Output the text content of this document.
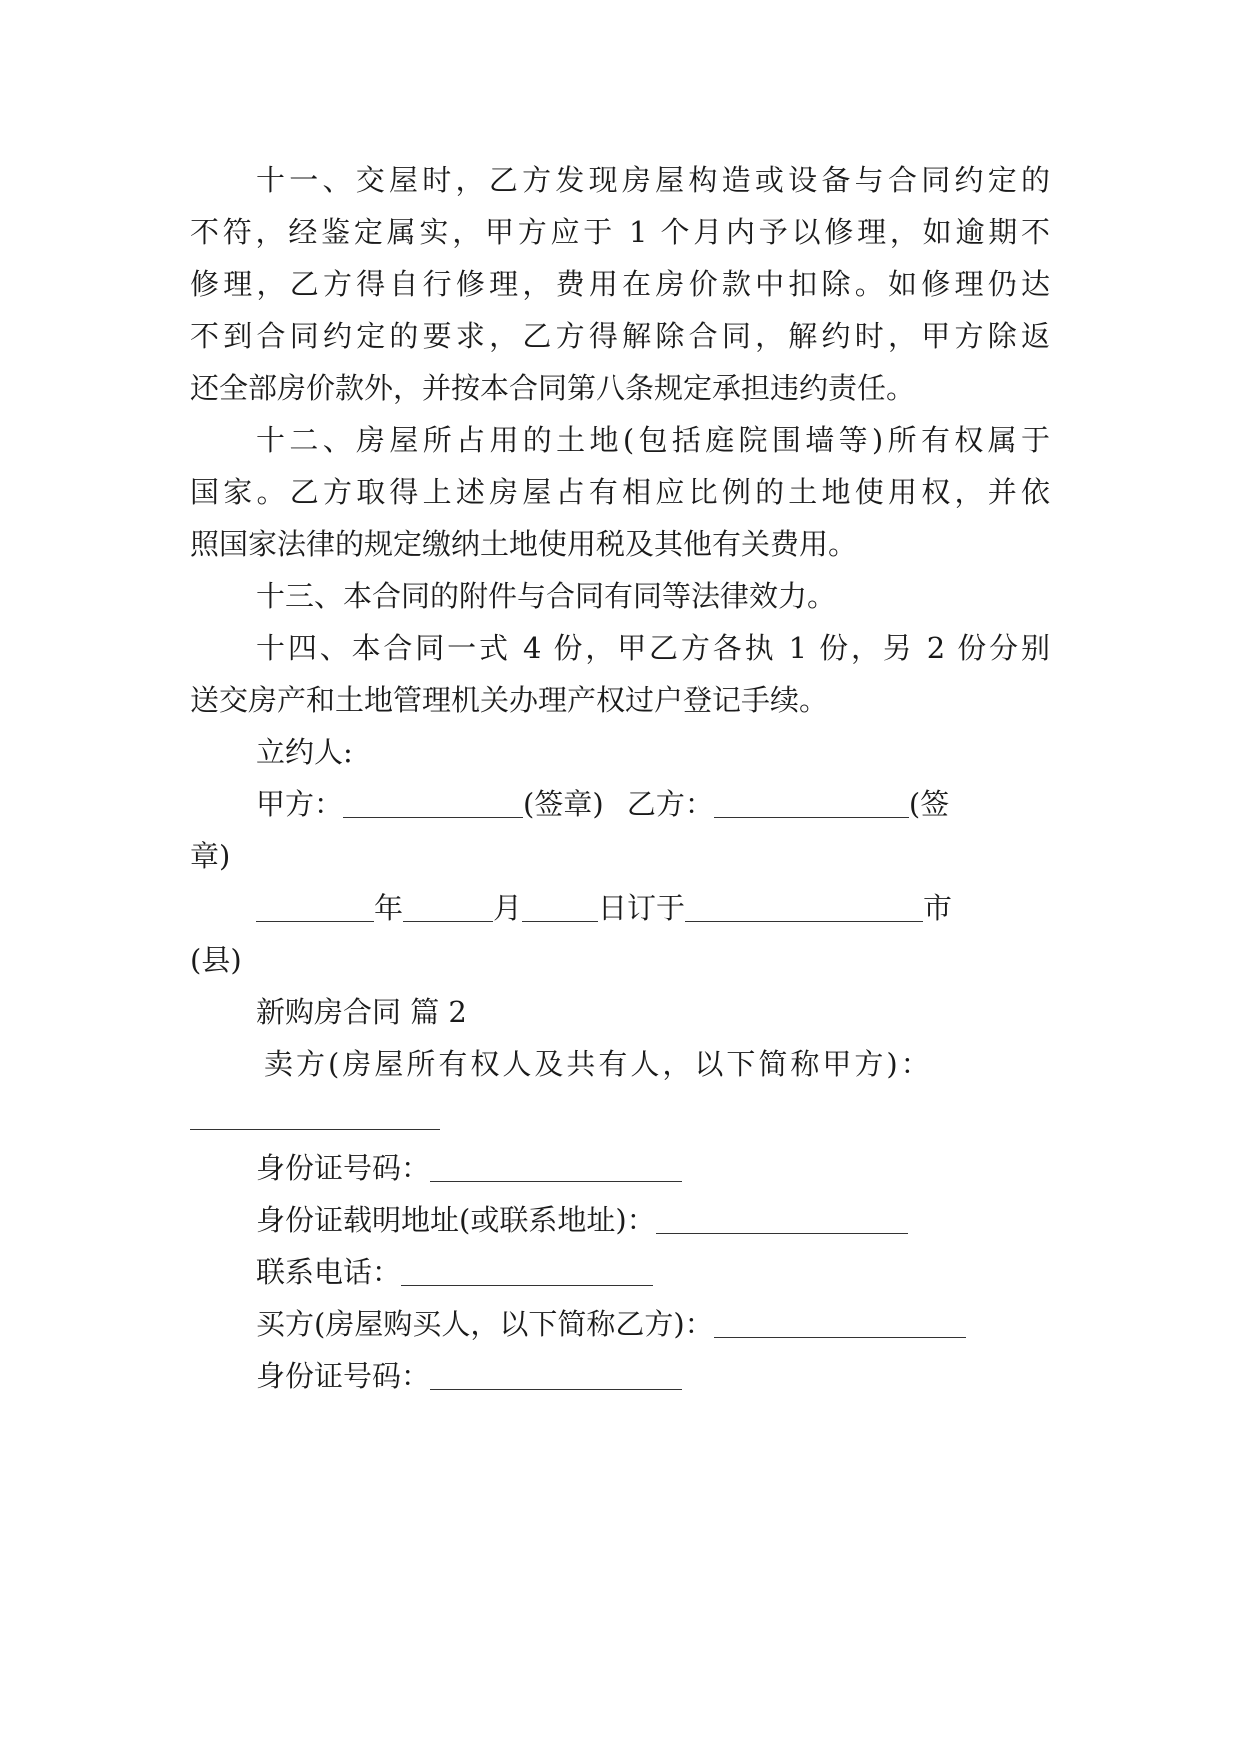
十一、交屋时，乙方发现房屋构造或设备与合同约定的
不符，经鉴定属实，甲方应于 1 个月内予以修理，如逾期不
修理，乙方得自行修理，费用在房价款中扣除。如修理仍达
不到合同约定的要求，乙方得解除合同，解约时，甲方除返
还全部房价款外，并按本合同第八条规定承担违约责任。
十二、房屋所占用的土地(包括庭院围墙等)所有权属于
国家。乙方取得上述房屋占有相应比例的土地使用权，并依
照国家法律的规定缴纳土地使用税及其他有关费用。
十三、本合同的附件与合同有同等法律效力。
十四、本合同一式 4 份，甲乙方各执 1 份，另 2 份分别
送交房产和土地管理机关办理产权过户登记手续。
立约人:
甲方：	(签章) 乙方：	(签
章)
年	月	日订于	市
(县)
新购房合同 篇 2
卖方(房屋所有权人及共有人，以下简称甲方)：
身份证号码：
身份证载明地址(或联系地址)：
联系电话：
买方(房屋购买人，以下简称乙方)：
身份证号码：
